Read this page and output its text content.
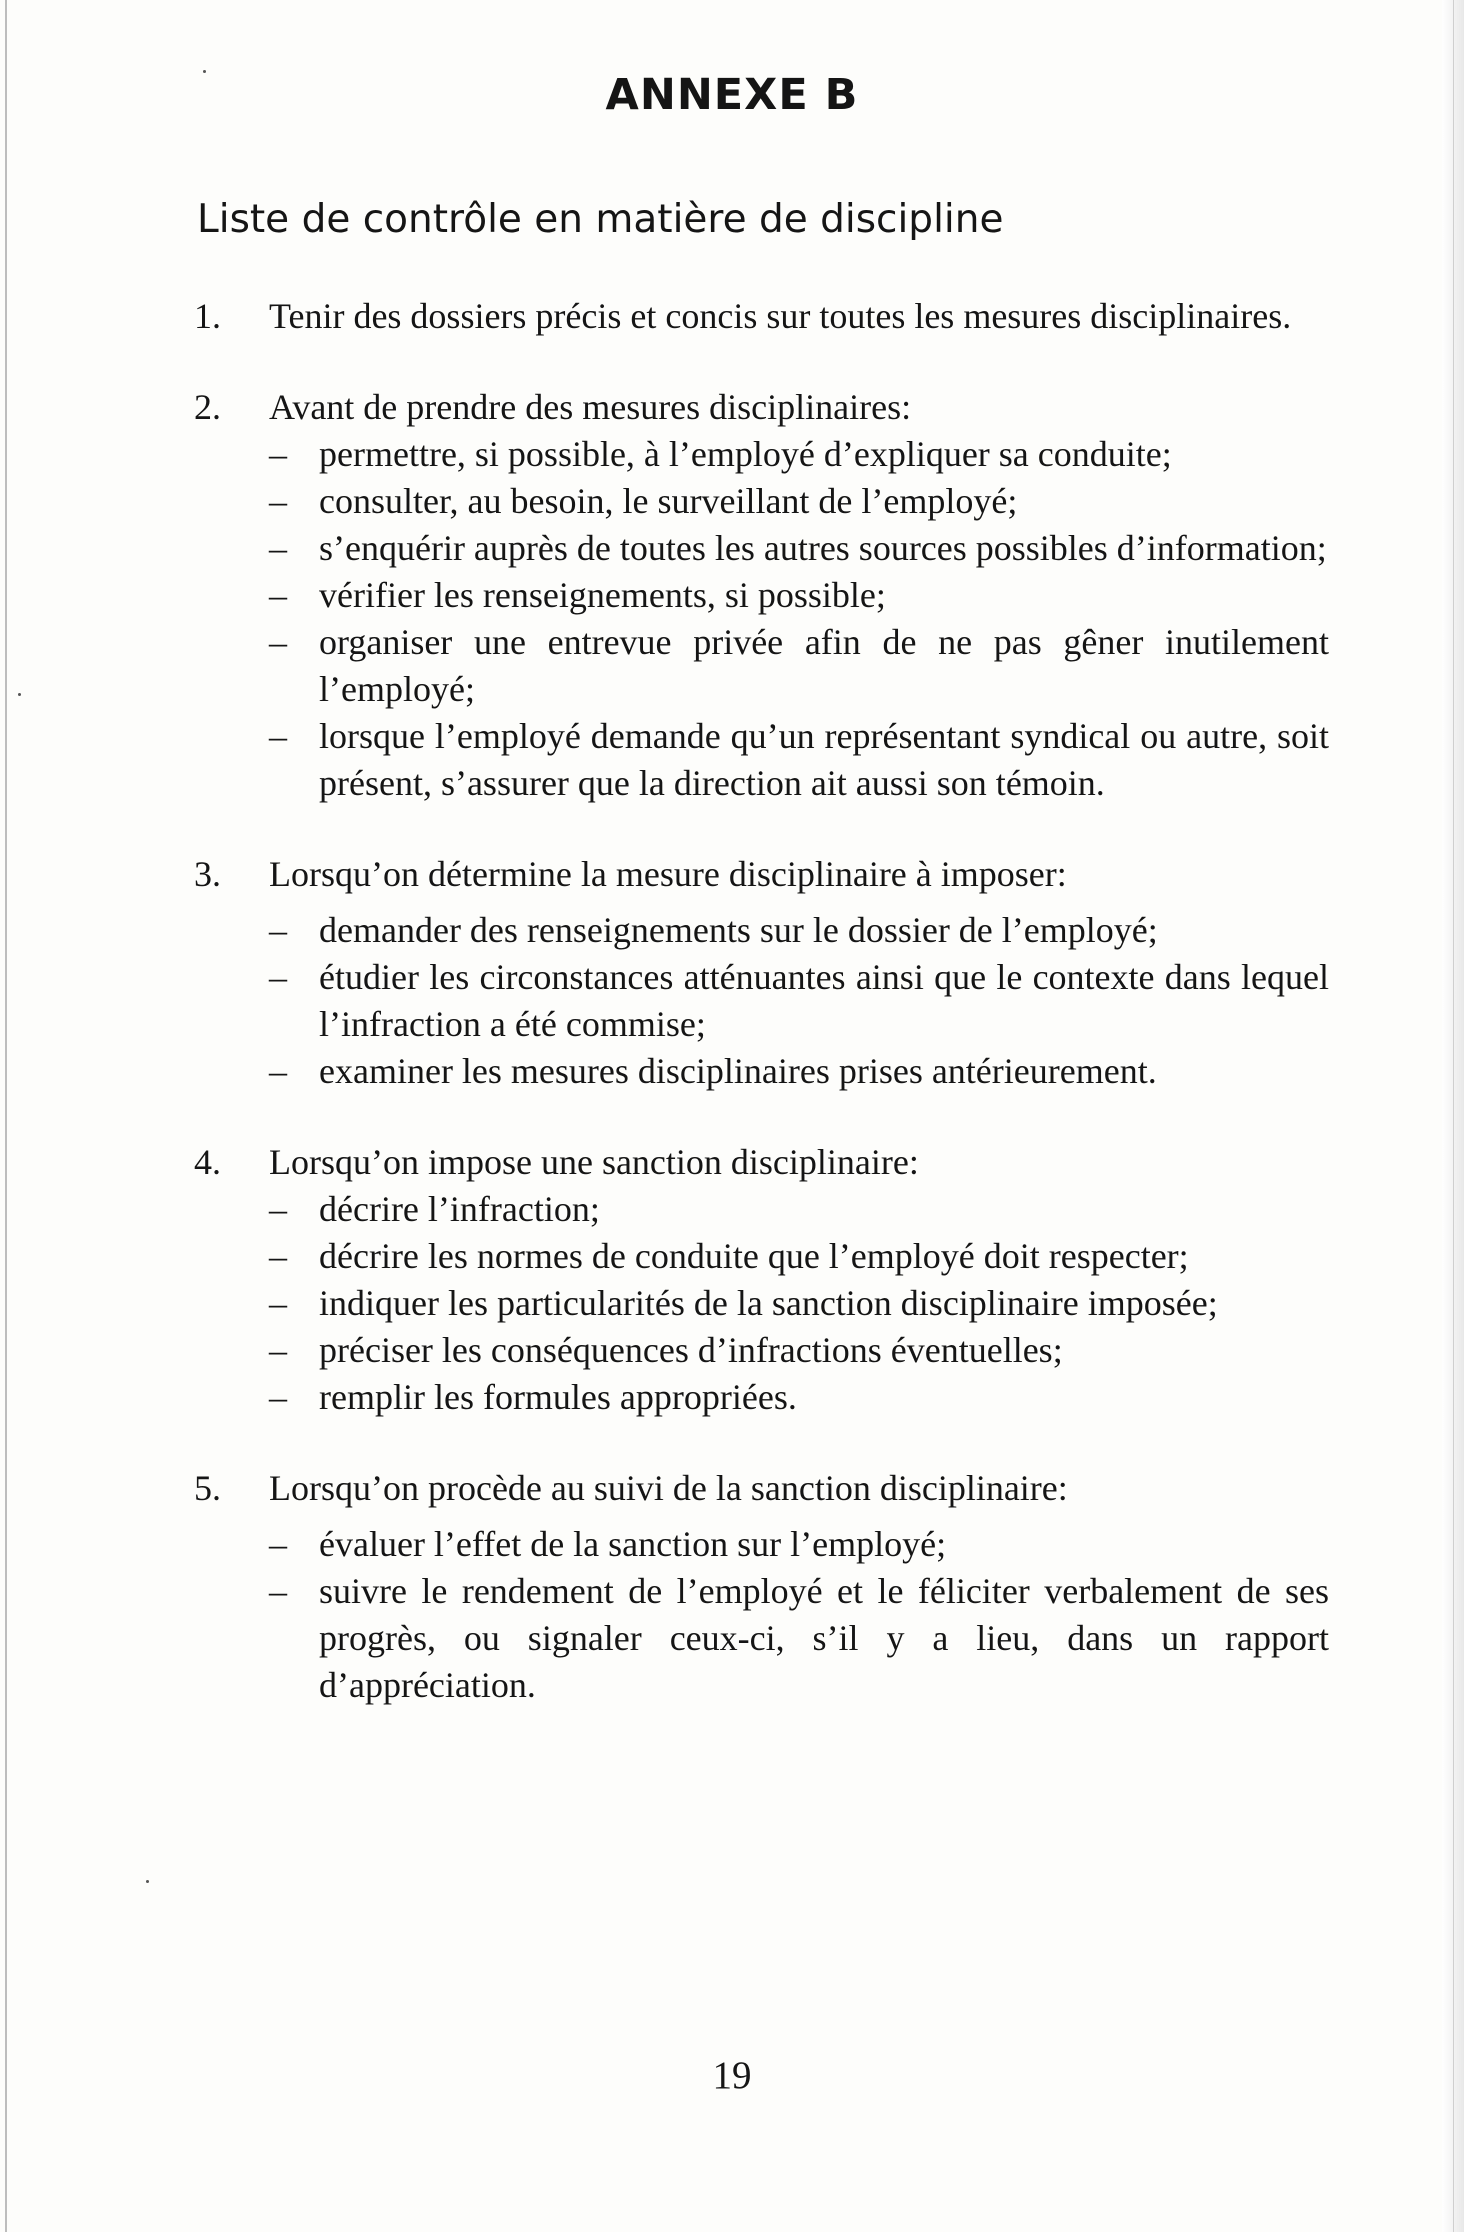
ANNEXE B
Liste de contrôle en matière de discipline
1. Tenir des dossiers précis et concis sur toutes les mesures disciplinaires.
2. Avant de prendre des mesures disciplinaires:
– permettre, si possible, à l’employé d’expliquer sa conduite;
– consulter, au besoin, le surveillant de l’employé;
– s’enquérir auprès de toutes les autres sources possibles d’information;
– vérifier les renseignements, si possible;
– organiser une entrevue privée afin de ne pas gêner inutilement l’employé;
– lorsque l’employé demande qu’un représentant syndical ou autre, soit présent, s’assurer que la direction ait aussi son témoin.
3. Lorsqu’on détermine la mesure disciplinaire à imposer:
– demander des renseignements sur le dossier de l’employé;
– étudier les circonstances atténuantes ainsi que le contexte dans lequel l’infraction a été commise;
– examiner les mesures disciplinaires prises antérieurement.
4. Lorsqu’on impose une sanction disciplinaire:
– décrire l’infraction;
– décrire les normes de conduite que l’employé doit respecter;
– indiquer les particularités de la sanction disciplinaire imposée;
– préciser les conséquences d’infractions éventuelles;
– remplir les formules appropriées.
5. Lorsqu’on procède au suivi de la sanction disciplinaire:
– évaluer l’effet de la sanction sur l’employé;
– suivre le rendement de l’employé et le féliciter verbalement de ses progrès, ou signaler ceux-ci, s’il y a lieu, dans un rapport d’appréciation.

19
